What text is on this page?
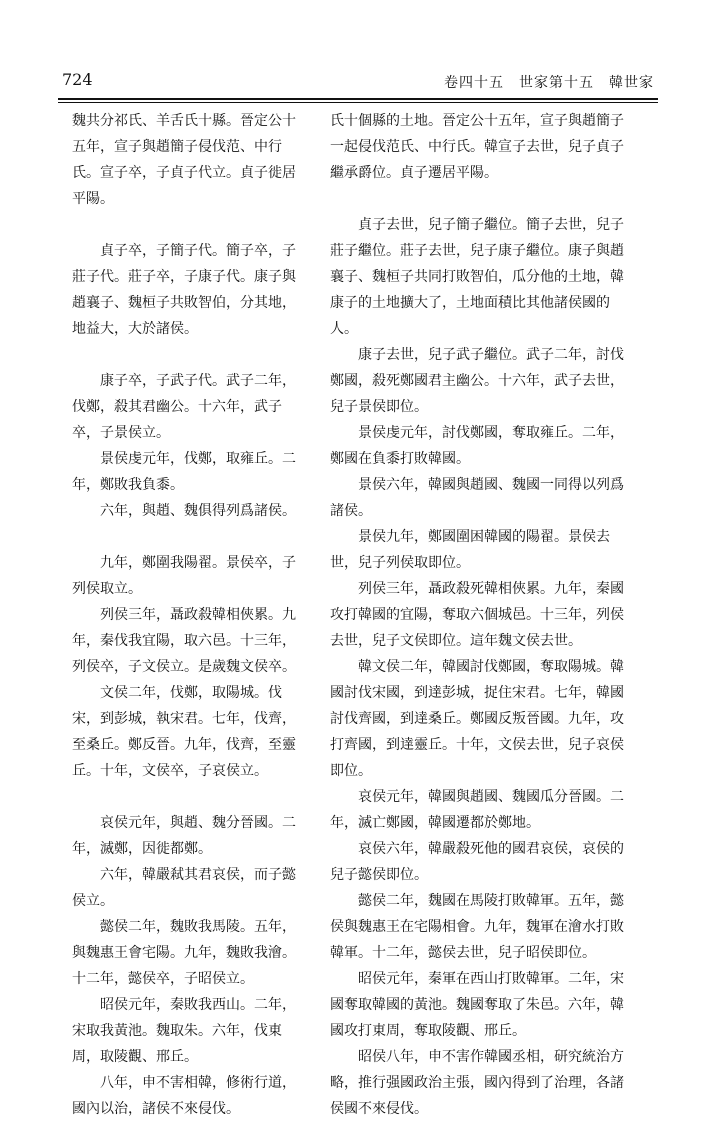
724	卷四十五　世家第十五　韓世家

魏共分祁氏、羊舌氏十縣。晉定公十五年，宣子與趙簡子侵伐范、中行氏。宣子卒，子貞子代立。貞子徙居平陽。

貞子卒，子簡子代。簡子卒，子莊子代。莊子卒，子康子代。康子與趙襄子、魏桓子共敗智伯，分其地，地益大，大於諸侯。

康子卒，子武子代。武子二年，伐鄭，殺其君幽公。十六年，武子卒，子景侯立。

景侯虔元年，伐鄭，取雍丘。二年，鄭敗我負黍。

六年，與趙、魏俱得列爲諸侯。

九年，鄭圍我陽翟。景侯卒，子列侯取立。

列侯三年，聶政殺韓相俠累。九年，秦伐我宜陽，取六邑。十三年，列侯卒，子文侯立。是歲魏文侯卒。

文侯二年，伐鄭，取陽城。伐宋，到彭城，執宋君。七年，伐齊，至桑丘。鄭反晉。九年，伐齊，至靈丘。十年，文侯卒，子哀侯立。

哀侯元年，與趙、魏分晉國。二年，滅鄭，因徙都鄭。

六年，韓嚴弒其君哀侯，而子懿侯立。

懿侯二年，魏敗我馬陵。五年，與魏惠王會宅陽。九年，魏敗我澮。十二年，懿侯卒，子昭侯立。

昭侯元年，秦敗我西山。二年，宋取我黃池。魏取朱。六年，伐東周，取陵觀、邢丘。

八年，申不害相韓，修術行道，國內以治，諸侯不來侵伐。

氏十個縣的土地。晉定公十五年，宣子與趙簡子一起侵伐范氏、中行氏。韓宣子去世，兒子貞子繼承爵位。貞子遷居平陽。

貞子去世，兒子簡子繼位。簡子去世，兒子莊子繼位。莊子去世，兒子康子繼位。康子與趙襄子、魏桓子共同打敗智伯，瓜分他的土地，韓康子的土地擴大了，土地面積比其他諸侯國的人。

康子去世，兒子武子繼位。武子二年，討伐鄭國，殺死鄭國君主幽公。十六年，武子去世，兒子景侯即位。

景侯虔元年，討伐鄭國，奪取雍丘。二年，鄭國在負黍打敗韓國。

景侯六年，韓國與趙國、魏國一同得以列爲諸侯。

景侯九年，鄭國圍困韓國的陽翟。景侯去世，兒子列侯取即位。

列侯三年，聶政殺死韓相俠累。九年，秦國攻打韓國的宜陽，奪取六個城邑。十三年，列侯去世，兒子文侯即位。這年魏文侯去世。

韓文侯二年，韓國討伐鄭國，奪取陽城。韓國討伐宋國，到達彭城，捉住宋君。七年，韓國討伐齊國，到達桑丘。鄭國反叛晉國。九年，攻打齊國，到達靈丘。十年，文侯去世，兒子哀侯即位。

哀侯元年，韓國與趙國、魏國瓜分晉國。二年，滅亡鄭國，韓國遷都於鄭地。

哀侯六年，韓嚴殺死他的國君哀侯，哀侯的兒子懿侯即位。

懿侯二年，魏國在馬陵打敗韓軍。五年，懿侯與魏惠王在宅陽相會。九年，魏軍在澮水打敗韓軍。十二年，懿侯去世，兒子昭侯即位。

昭侯元年，秦軍在西山打敗韓軍。二年，宋國奪取韓國的黃池。魏國奪取了朱邑。六年，韓國攻打東周，奪取陵觀、邢丘。

昭侯八年，申不害作韓國丞相，研究統治方略，推行强國政治主張，國內得到了治理，各諸侯國不來侵伐。
